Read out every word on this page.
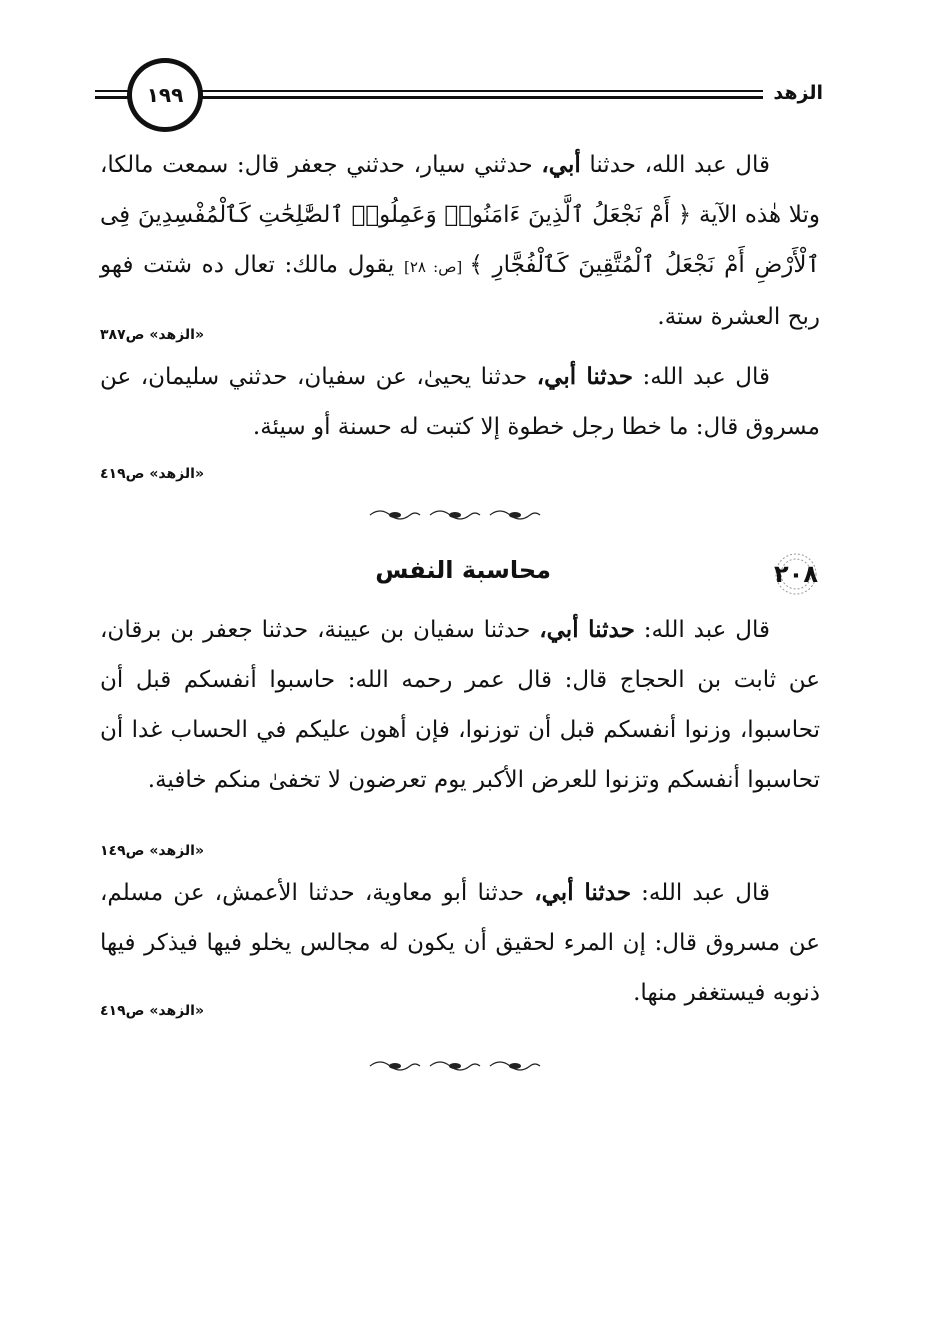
الزهد
١٩٩

قال عبد الله، حدثنا أبي، حدثني سيار، حدثني جعفر قال: سمعت مالكا، وتلا هٰذه الآية ﴿ أَمْ نَجْعَلُ ٱلَّذِينَ ءَامَنُوا۟ وَعَمِلُوا۟ ٱلصَّٰلِحَٰتِ كَٱلْمُفْسِدِينَ فِى ٱلْأَرْضِ أَمْ نَجْعَلُ ٱلْمُتَّقِينَ كَٱلْفُجَّارِ ﴾ [ص: ٢٨] يقول مالك: تعال ده شتت فهو ربح العشرة ستة.

«الزهد» ص٣٨٧

قال عبد الله: حدثنا أبي، حدثنا يحيىٰ، عن سفيان، حدثني سليمان، عن مسروق قال: ما خطا رجل خطوة إلا كتبت له حسنة أو سيئة.

«الزهد» ص٤١٩
٢٠٨
محاسبة النفس

قال عبد الله: حدثنا أبي، حدثنا سفيان بن عيينة، حدثنا جعفر بن برقان، عن ثابت بن الحجاج قال: قال عمر رحمه الله: حاسبوا أنفسكم قبل أن تحاسبوا، وزنوا أنفسكم قبل أن توزنوا، فإن أهون عليكم في الحساب غدا أن تحاسبوا أنفسكم وتزنوا للعرض الأكبر يوم تعرضون لا تخفىٰ منكم خافية.

«الزهد» ص١٤٩

قال عبد الله: حدثنا أبي، حدثنا أبو معاوية، حدثنا الأعمش، عن مسلم، عن مسروق قال: إن المرء لحقيق أن يكون له مجالس يخلو فيها فيذكر فيها ذنوبه فيستغفر منها.

«الزهد» ص٤١٩
